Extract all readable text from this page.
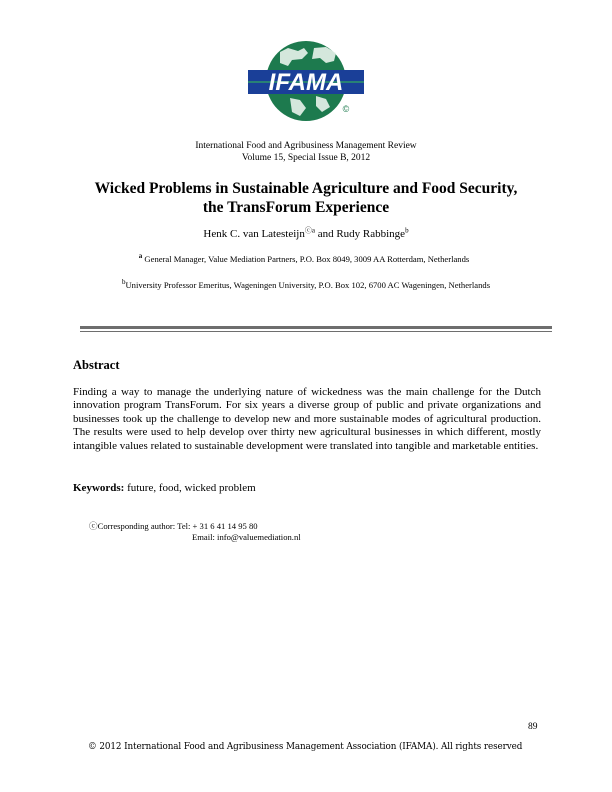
IFAMA
©
International Food and Agribusiness Management Review
Volume 15, Special Issue B, 2012
Wicked Problems in Sustainable Agriculture and Food Security,
the TransForum Experience
Henk C. van Latesteijn$^{ⓒa}$ and Rudy Rabbinge$^b$
$^a$ General Manager, Value Mediation Partners, P.O. Box 8049, 3009 AA Rotterdam, Netherlands
$^b$University Professor Emeritus, Wageningen University, P.O. Box 102, 6700 AC Wageningen, Netherlands
Abstract
Finding a way to manage the underlying nature of wickedness was the main challenge for the Dutch innovation program TransForum. For six years a diverse group of public and private organizations and businesses took up the challenge to develop new and more sustainable modes of agricultural production. The results were used to help develop over thirty new agricultural businesses in which different, mostly intangible values related to sustainable development were translated into tangible and marketable entities.
Keywords: future, food, wicked problem
ⓒCorresponding author: Tel: + 31 6 41 14 95 80
Email: info@valuemediation.nl
89
© 2012 International Food and Agribusiness Management Association (IFAMA). All rights reserved
